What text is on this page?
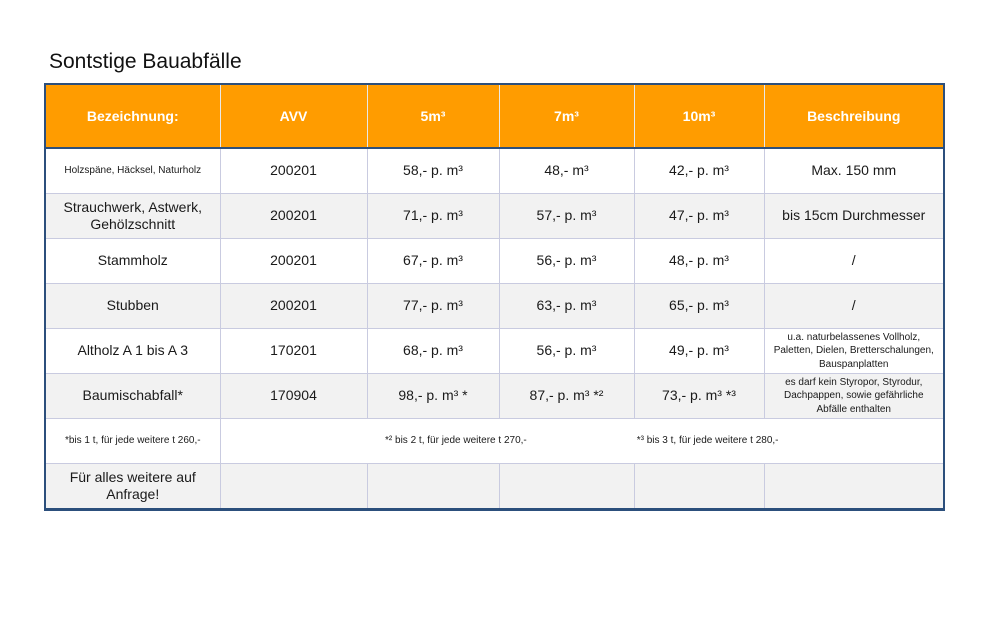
Sontstige Bauabfälle
Bezeichnung:	AVV	5m³	7m³	10m³	Beschreibung
Holzspäne, Häcksel, Naturholz	200201	58,- p. m³	48,- m³	42,- p. m³	Max. 150 mm
Strauchwerk, Astwerk, Gehölzschnitt	200201	71,- p. m³	57,- p. m³	47,- p. m³	bis 15cm Durchmesser
Stammholz	200201	67,- p. m³	56,- p. m³	48,- p. m³	/
Stubben	200201	77,- p. m³	63,- p. m³	65,- p. m³	/
Altholz A 1 bis A 3	170201	68,- p. m³	56,- p. m³	49,- p. m³	u.a. naturbelassenes Vollholz, Paletten, Dielen, Bretterschalungen, Bauspanplatten
Baumischabfall*	170904	98,- p. m³ *	87,- p. m³ *²	73,- p. m³ *³	es darf kein Styropor, Styrodur, Dachpappen, sowie gefährliche Abfälle enthalten
*bis 1 t, für jede weitere t 260,-	*² bis 2 t, für jede weitere t 270,- *³ bis 3 t, für jede weitere t 280,-				

Für alles weitere auf Anfrage!					
